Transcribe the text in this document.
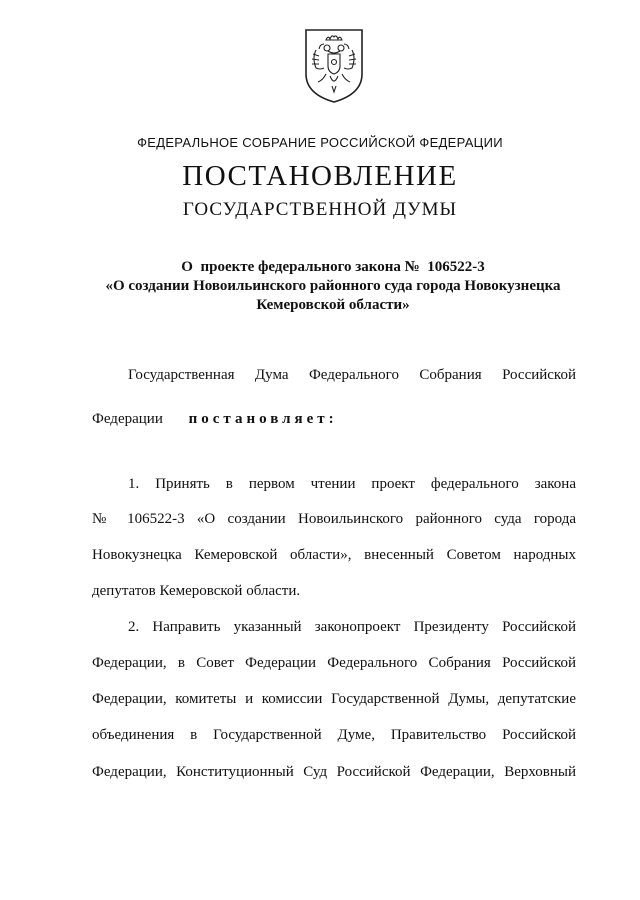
ФЕДЕРАЛЬНОЕ СОБРАНИЕ РОССИЙСКОЙ ФЕДЕРАЦИИ
ПОСТАНОВЛЕНИЕ
ГОСУДАРСТВЕННОЙ ДУМЫ
О  проекте федерального закона №  106522-3
«О создании Новоильинского районного суда города Новокузнецка
Кемеровской области»
Государственная Дума Федерального Собрания Российской
Федерации постановляет:
1. Принять в первом чтении проект федерального закона
№ 106522-3 «О создании Новоильинского районного суда города
Новокузнецка Кемеровской области», внесенный Советом народных
депутатов Кемеровской области.
2. Направить указанный законопроект Президенту Российской
Федерации, в Совет Федерации Федерального Собрания Российской
Федерации, комитеты и комиссии Государственной Думы, депутатские
объединения в Государственной Думе, Правительство Российской
Федерации, Конституционный Суд Российской Федерации, Верховный
